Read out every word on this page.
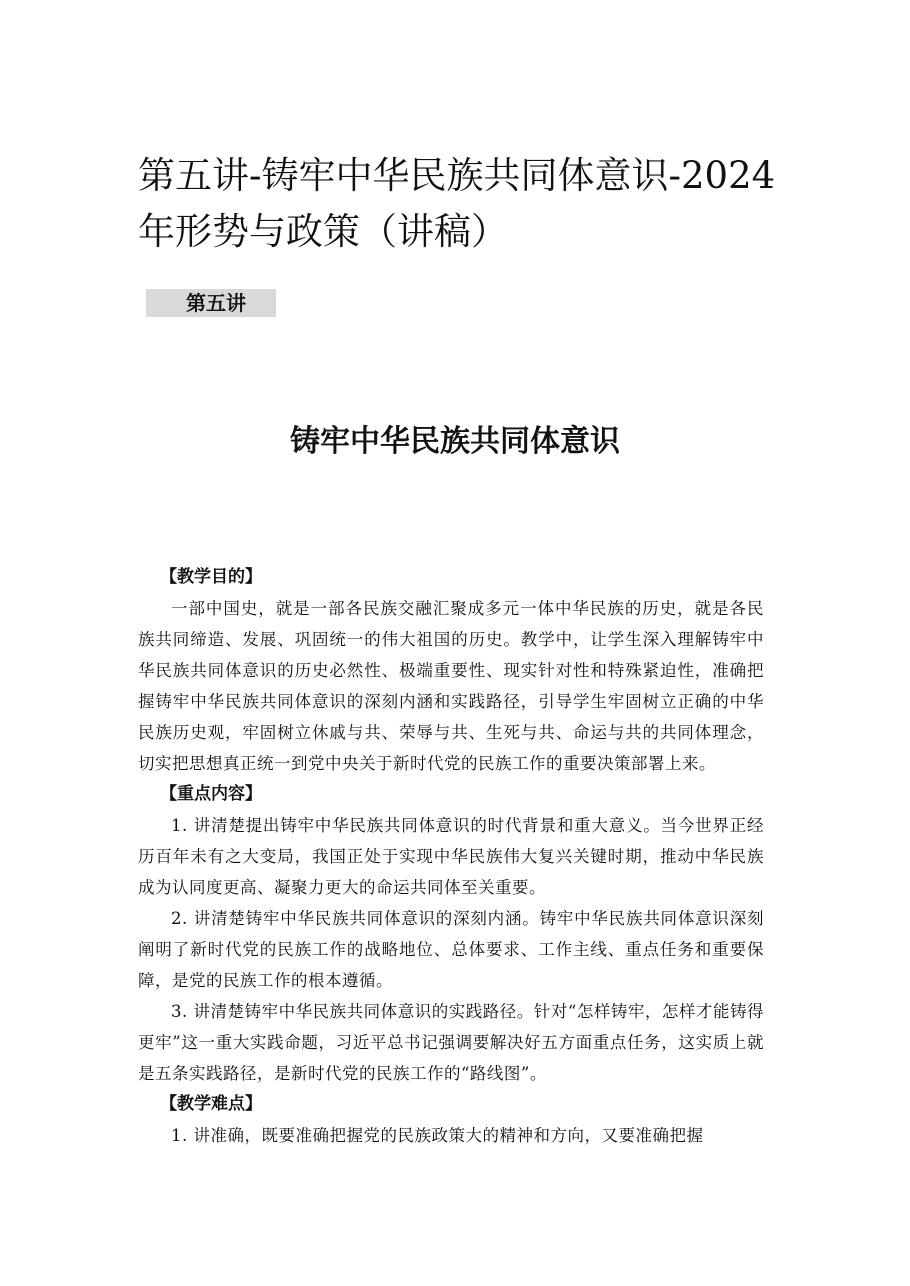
第五讲-铸牢中华民族共同体意识-2024年形势与政策（讲稿）
第五讲
铸牢中华民族共同体意识
【教学目的】

一部中国史，就是一部各民族交融汇聚成多元一体中华民族的历史，就是各民族共同缔造、发展、巩固统一的伟大祖国的历史。教学中，让学生深入理解铸牢中华民族共同体意识的历史必然性、极端重要性、现实针对性和特殊紧迫性，准确把握铸牢中华民族共同体意识的深刻内涵和实践路径，引导学生牢固树立正确的中华民族历史观，牢固树立休戚与共、荣辱与共、生死与共、命运与共的共同体理念，切实把思想真正统一到党中央关于新时代党的民族工作的重要决策部署上来。

【重点内容】

1. 讲清楚提出铸牢中华民族共同体意识的时代背景和重大意义。当今世界正经历百年未有之大变局，我国正处于实现中华民族伟大复兴关键时期，推动中华民族成为认同度更高、凝聚力更大的命运共同体至关重要。

2. 讲清楚铸牢中华民族共同体意识的深刻内涵。铸牢中华民族共同体意识深刻阐明了新时代党的民族工作的战略地位、总体要求、工作主线、重点任务和重要保障，是党的民族工作的根本遵循。

3. 讲清楚铸牢中华民族共同体意识的实践路径。针对“怎样铸牢，怎样才能铸得更牢”这一重大实践命题，习近平总书记强调要解决好五方面重点任务，这实质上就是五条实践路径，是新时代党的民族工作的“路线图”。

【教学难点】

1. 讲准确，既要准确把握党的民族政策大的精神和方向，又要准确把握
